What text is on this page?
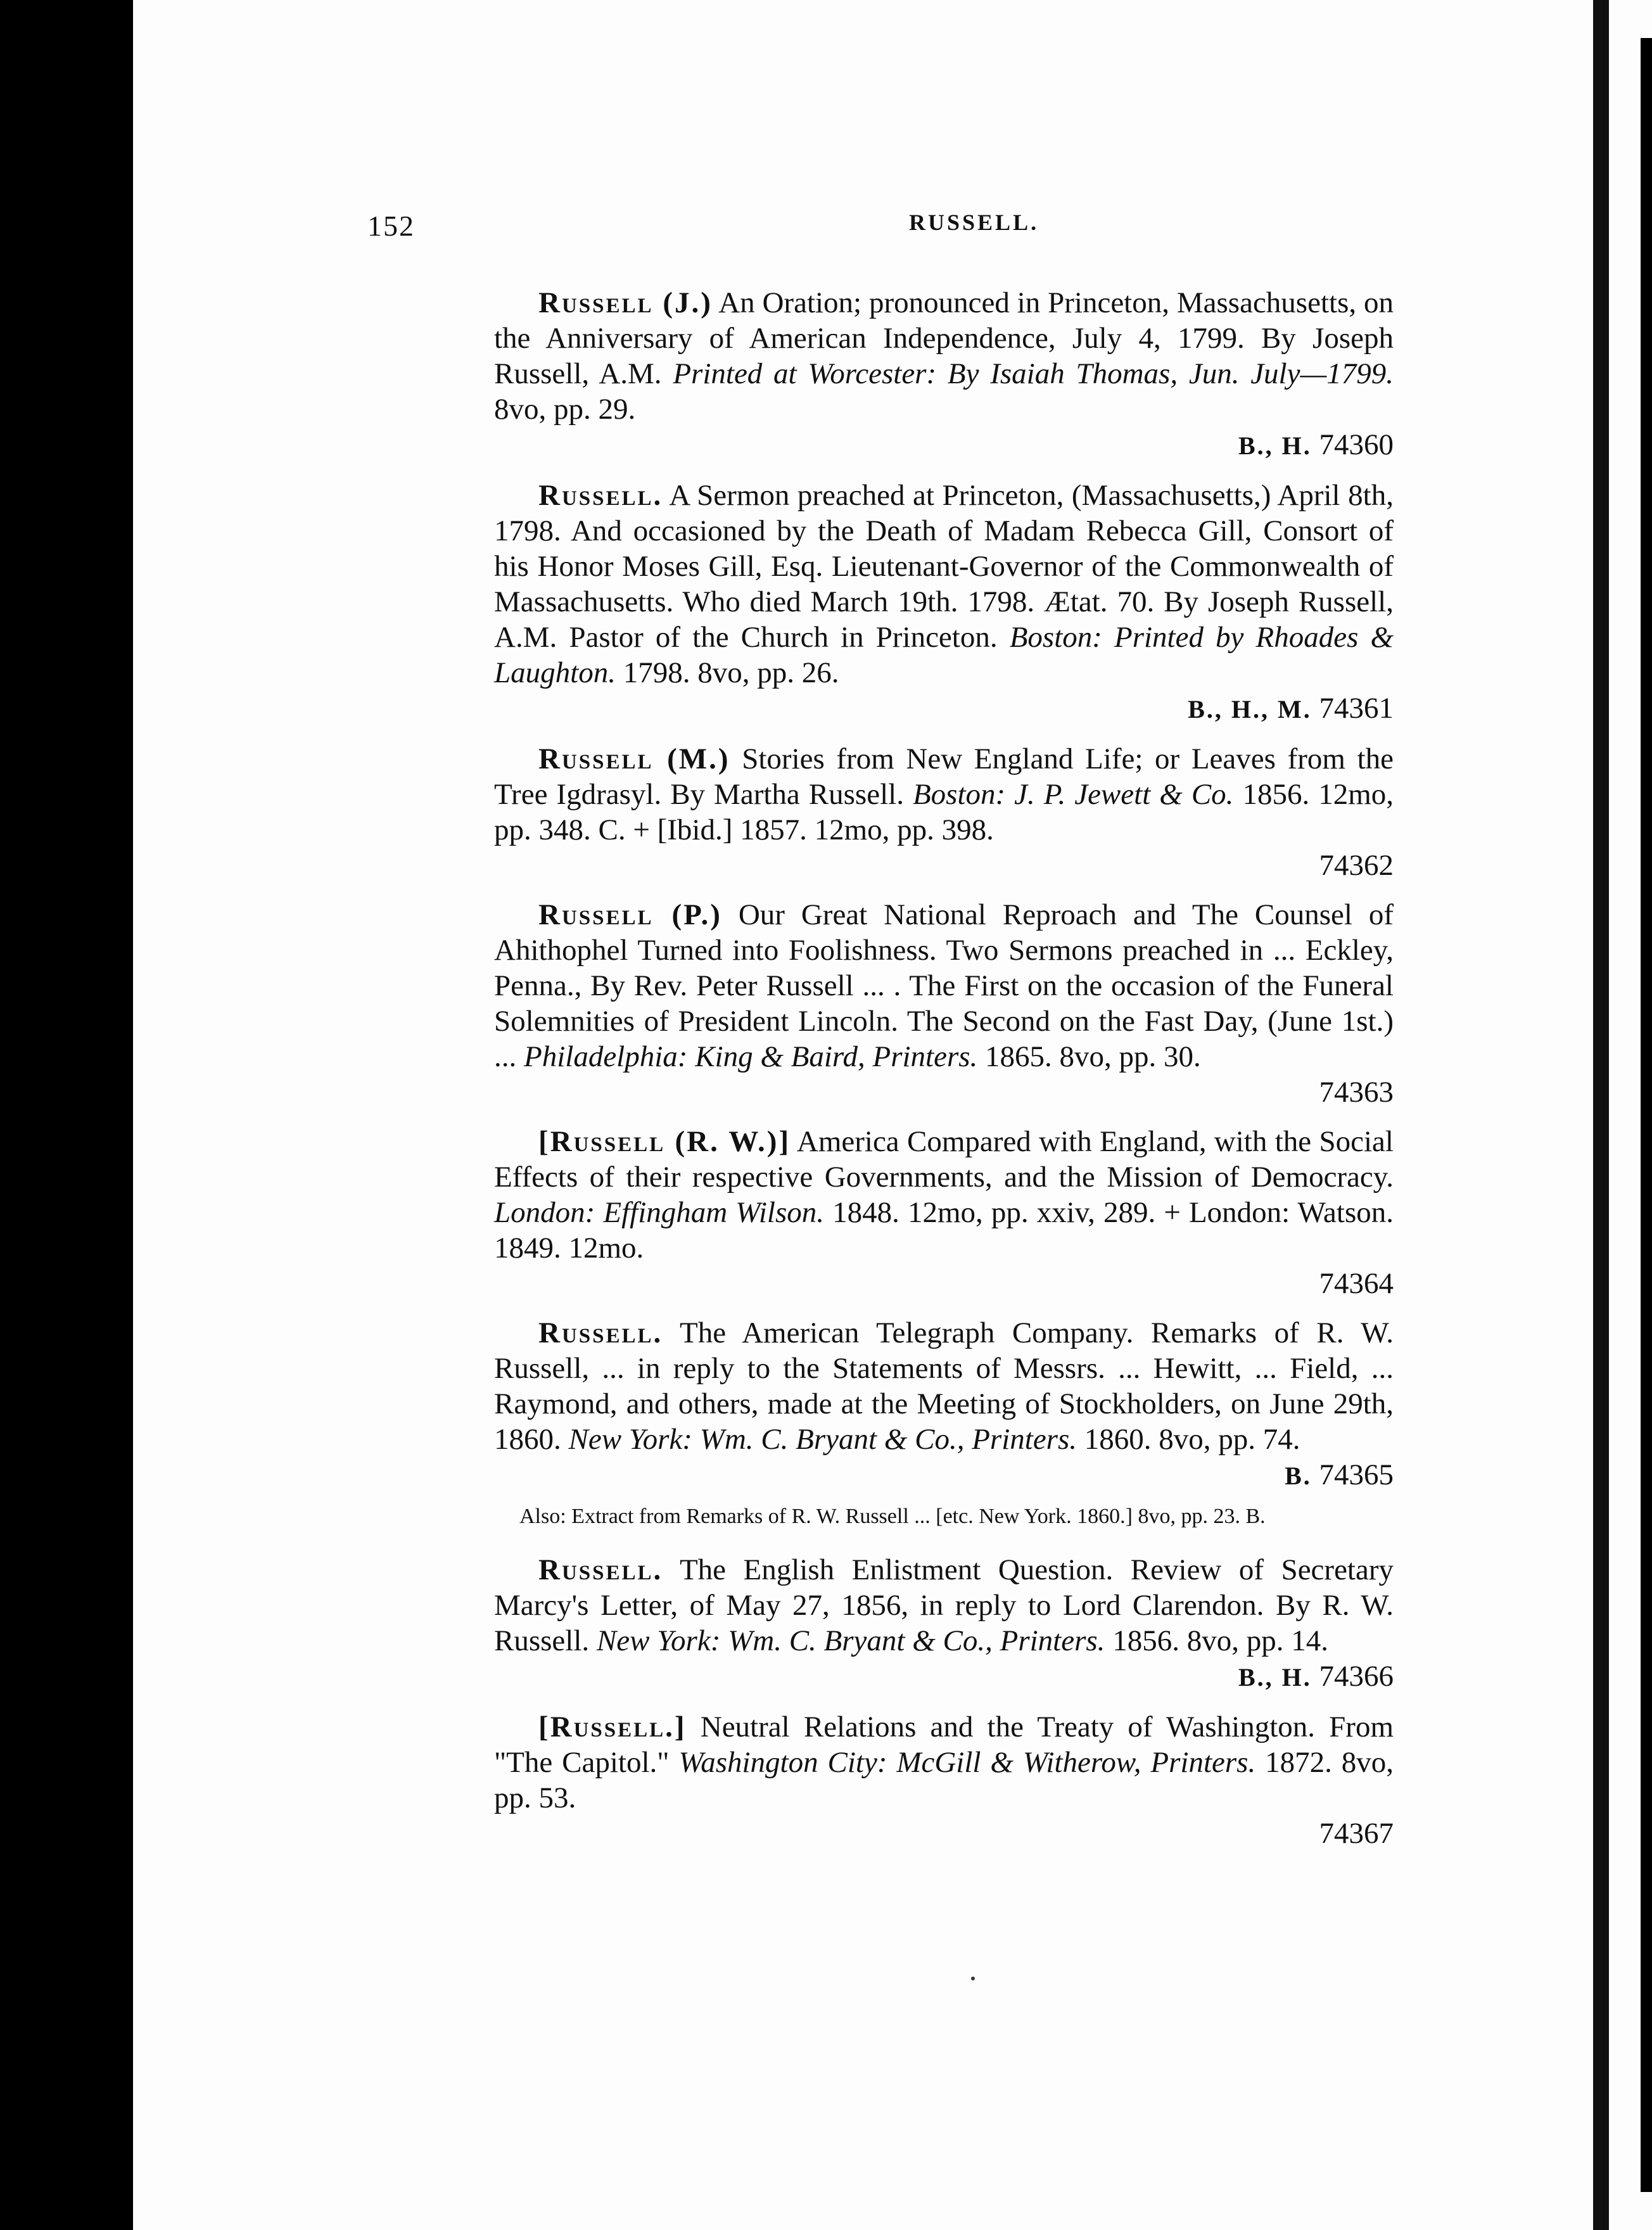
152	RUSSELL.
Russell (J.) An Oration; pronounced in Princeton, Massachusetts, on the Anniversary of American Independence, July 4, 1799. By Joseph Russell, A.M. Printed at Worcester: By Isaiah Thomas, Jun. July—1799. 8vo, pp. 29.
B., H. 74360
Russell. A Sermon preached at Princeton, (Massachusetts,) April 8th, 1798. And occasioned by the Death of Madam Rebecca Gill, Consort of his Honor Moses Gill, Esq. Lieutenant-Governor of the Commonwealth of Massachusetts. Who died March 19th. 1798. Ætat. 70. By Joseph Russell, A.M. Pastor of the Church in Princeton. Boston: Printed by Rhoades & Laughton. 1798. 8vo, pp. 26.
B., H., M. 74361
Russell (M.) Stories from New England Life; or Leaves from the Tree Igdrasyl. By Martha Russell. Boston: J. P. Jewett & Co. 1856. 12mo, pp. 348. C. + [Ibid.] 1857. 12mo, pp. 398.
74362
Russell (P.) Our Great National Reproach and The Counsel of Ahithophel Turned into Foolishness. Two Sermons preached in ... Eckley, Penna., By Rev. Peter Russell ... . The First on the occasion of the Funeral Solemnities of President Lincoln. The Second on the Fast Day, (June 1st.) ... Philadelphia: King & Baird, Printers. 1865. 8vo, pp. 30.
74363
[Russell (R. W.)] America Compared with England, with the Social Effects of their respective Governments, and the Mission of Democracy. London: Effingham Wilson. 1848. 12mo, pp. xxiv, 289. + London: Watson. 1849. 12mo.
74364
Russell. The American Telegraph Company. Remarks of R. W. Russell, ... in reply to the Statements of Messrs. ... Hewitt, ... Field, ... Raymond, and others, made at the Meeting of Stockholders, on June 29th, 1860. New York: Wm. C. Bryant & Co., Printers. 1860. 8vo, pp. 74.
B. 74365
Also: Extract from Remarks of R. W. Russell ... [etc. New York. 1860.] 8vo, pp. 23. B.
Russell. The English Enlistment Question. Review of Secretary Marcy's Letter, of May 27, 1856, in reply to Lord Clarendon. By R. W. Russell. New York: Wm. C. Bryant & Co., Printers. 1856. 8vo, pp. 14.
B., H. 74366
[Russell.] Neutral Relations and the Treaty of Washington. From "The Capitol." Washington City: McGill & Witherow, Printers. 1872. 8vo, pp. 53.
74367
